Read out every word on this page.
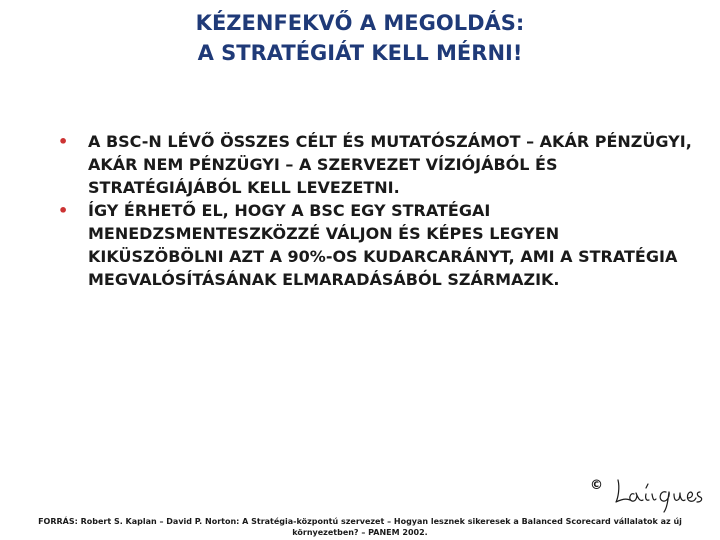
KÉZENFEKVŐ A MEGOLDÁS:
A STRATÉGIÁT KELL MÉRNI!
• A BSC-N LÉVŐ ÖSSZES CÉLT ÉS MUTATÓSZÁMOT – AKÁR PÉNZÜGYI, AKÁR NEM PÉNZÜGYI – A SZERVEZET VÍZIÓJÁBÓL ÉS STRATÉGIÁJÁBÓL KELL LEVEZETNI.
• ÍGY ÉRHETŐ EL, HOGY A BSC EGY STRATÉGAI MENEDZSMENTESZKÖZZÉ VÁLJON ÉS KÉPES LEGYEN KIKÜSZÖBÖLNI AZT A 90%-OS KUDARCARÁNYT, AMI A STRATÉGIA MEGVALÓSÍTÁSÁNAK ELMARADÁSÁBÓL SZÁRMAZIK.
©
FORRÁS: Robert S. Kaplan – David P. Norton: A Stratégia-központú szervezet – Hogyan lesznek sikeresek a Balanced Scorecard vállalatok az új
környezetben? – PANEM 2002.
